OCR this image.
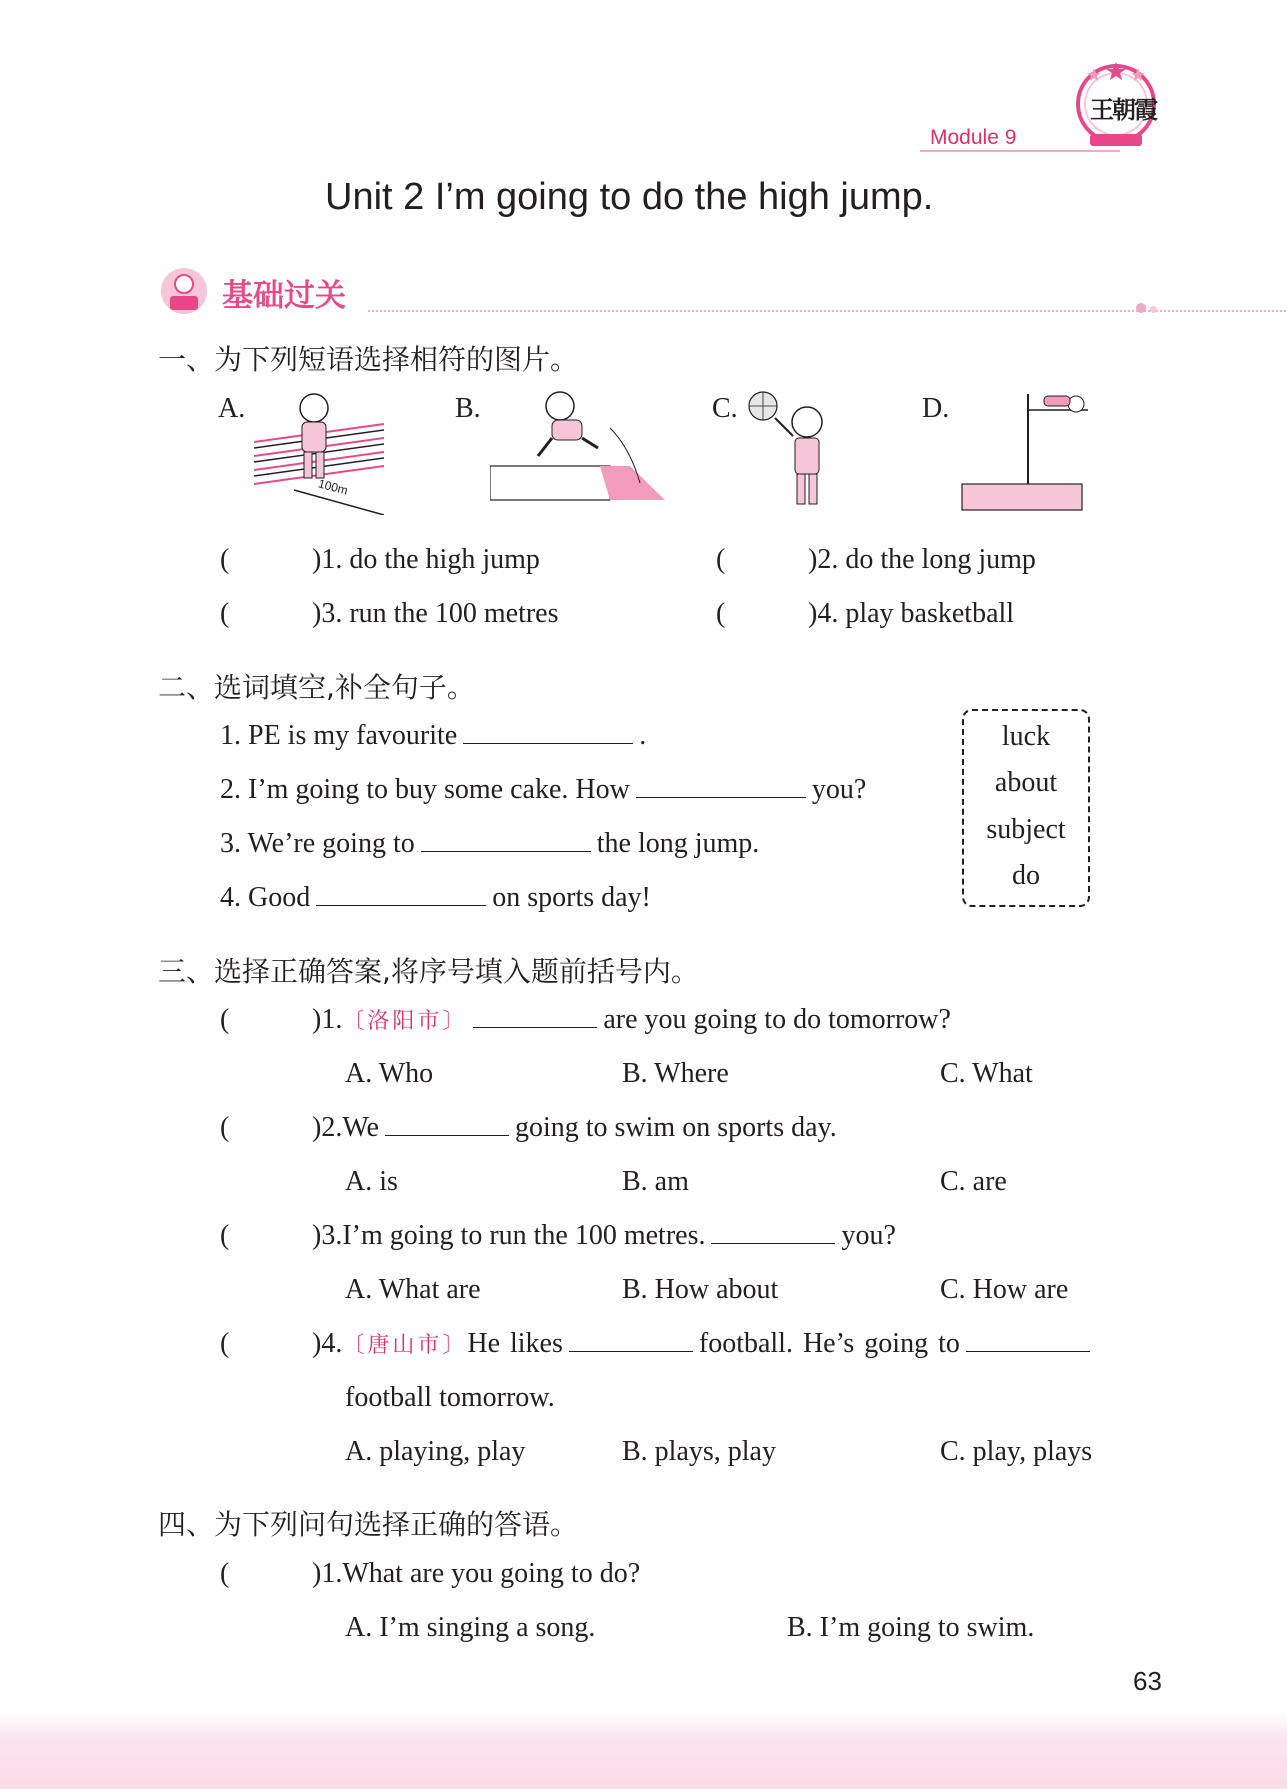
Module 9
王朝霞
Unit 2 I’m going to do the high jump.
基础过关

一、为下列短语选择相符的图片。
A.
100m
B.	C.	D.
(	)1. do the high jump	(	)2. do the long jump
(	)3. run the 100 metres	(	)4. play basketball
二、选词填空,补全句子。
1. PE is my favourite	.
2. I’m going to buy some cake. How	you?
3. We’re going to	the long jump.
4. Good	on sports day!
luck
about
subject
do
三、选择正确答案,将序号填入题前括号内。
(	)1.〔洛阳市〕	are you going to do tomorrow?
A. Who	B. Where	C. What
(	)2.We	going to swim on sports day.
A. is	B. am	C. are
(	)3.I’m going to run the 100 metres.	you?
A. What are	B. How about	C. How are
(	)4.〔唐山市〕He likes	football. He’s going to
football tomorrow.
A. playing, play	B. plays, play	C. play, plays
四、为下列问句选择正确的答语。
(	)1.What are you going to do?
A. I’m singing a song.	B. I’m going to swim.
63
